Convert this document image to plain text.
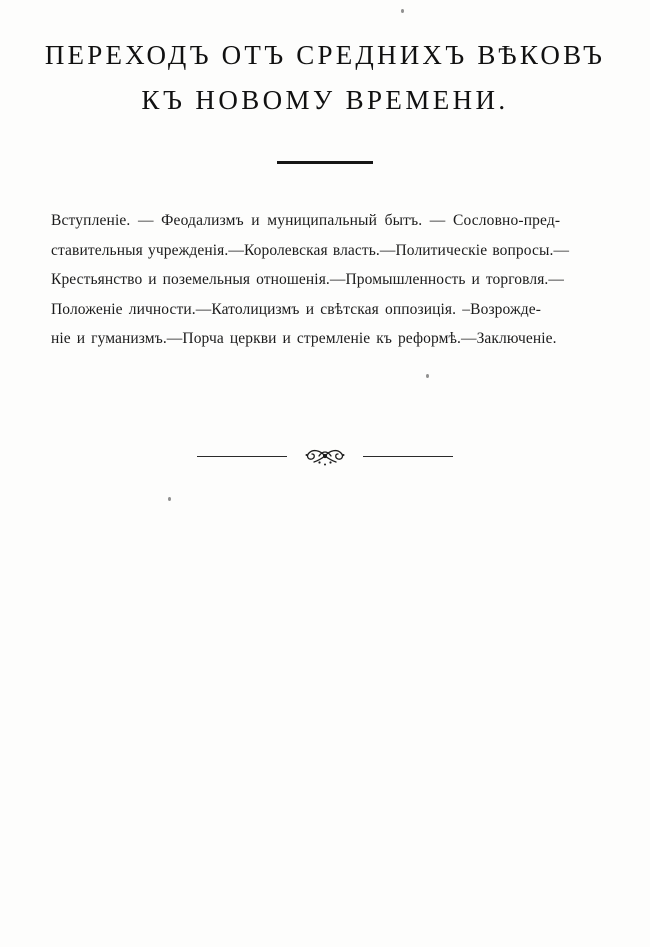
ПЕРЕХОДЪ ОТЪ СРЕДНИХЪ ВѢКОВЪ
КЪ НОВОМУ ВРЕМЕНИ.
Вступленіе. — Феодализмъ и муниципальный бытъ. — Сословно-пред-
ставительныя учрежденія.—Королевская власть.—Политическіе вопросы.—
Крестьянство и поземельныя отношенія.—Промышленность и торговля.—
Положеніе личности.—Католицизмъ и свѣтская оппозиція. –Возрожде-
ніе и гуманизмъ.—Порча церкви и стремленіе къ реформѣ.—Заключеніе.
